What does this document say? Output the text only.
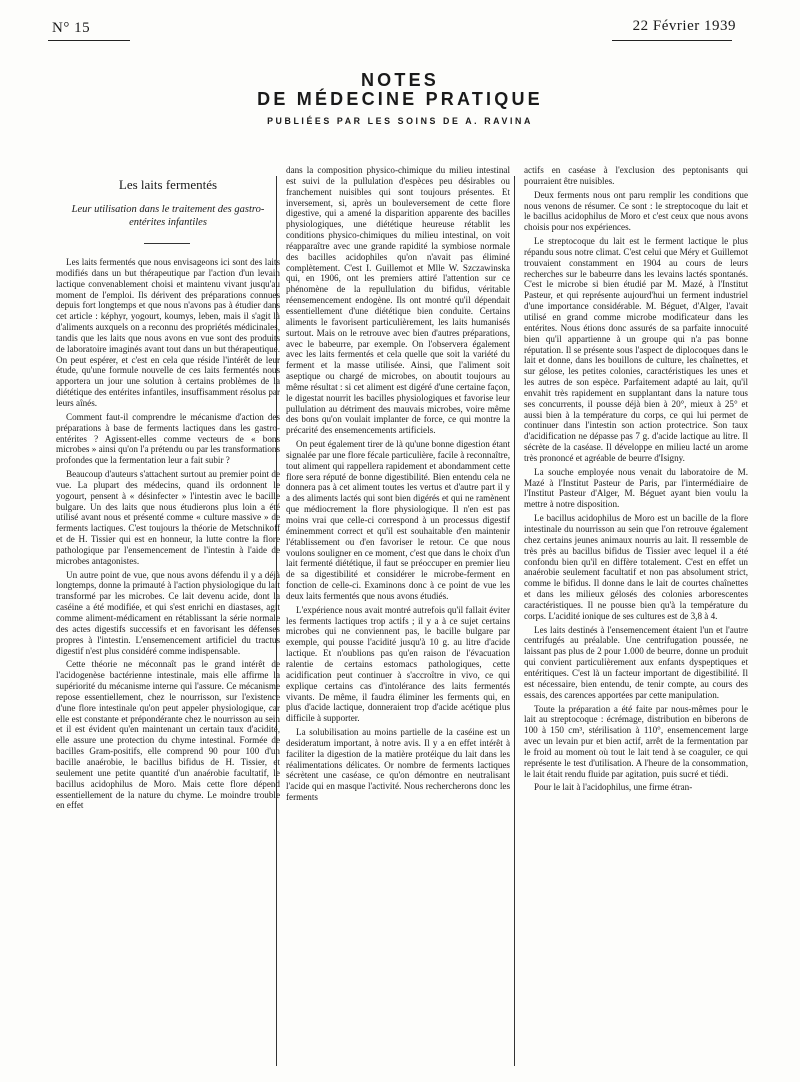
N° 15	22 Février 1939
NOTES
DE MÉDECINE PRATIQUE
PUBLIÉES PAR LES SOINS DE A. RAVINA
Les laits fermentés
Leur utilisation dans le traitement des gastro-entérites infantiles

Les laits fermentés que nous envisageons ici sont des laits modifiés dans un but thérapeutique par l'action d'un levain lactique convenablement choisi et maintenu vivant jusqu'au moment de l'emploi. Ils dérivent des préparations connues depuis fort longtemps et que nous n'avons pas à étudier dans cet article : képhyr, yogourt, koumys, leben, mais il s'agit là d'aliments auxquels on a reconnu des propriétés médicinales, tandis que les laits que nous avons en vue sont des produits de laboratoire imaginés avant tout dans un but thérapeutique. On peut espérer, et c'est en cela que réside l'intérêt de leur étude, qu'une formule nouvelle de ces laits fermentés nous apportera un jour une solution à certains problèmes de la diététique des entérites infantiles, insuffisamment résolus par leurs aînés.

Comment faut-il comprendre le mécanisme d'action des préparations à base de ferments lactiques dans les gastro-entérites ? Agissent-elles comme vecteurs de « bons microbes » ainsi qu'on l'a prétendu ou par les transformations profondes que la fermentation leur a fait subir ?

Beaucoup d'auteurs s'attachent surtout au premier point de vue. La plupart des médecins, quand ils ordonnent le yogourt, pensent à « désinfecter » l'intestin avec le bacille bulgare. Un des laits que nous étudierons plus loin a été utilisé avant nous et présenté comme « culture massive » de ferments lactiques. C'est toujours la théorie de Metschnikoff et de H. Tissier qui est en honneur, la lutte contre la flore pathologique par l'ensemencement de l'intestin à l'aide de microbes antagonistes.

Un autre point de vue, que nous avons défendu il y a déjà longtemps, donne la primauté à l'action physiologique du lait transformé par les microbes. Ce lait devenu acide, dont la caséine a été modifiée, et qui s'est enrichi en diastases, agit comme aliment-médicament en rétablissant la série normale des actes digestifs successifs et en favorisant les défenses propres à l'intestin. L'ensemencement artificiel du tractus digestif n'est plus considéré comme indispensable.

Cette théorie ne méconnaît pas le grand intérêt de l'acidogenèse bactérienne intestinale, mais elle affirme la supériorité du mécanisme interne qui l'assure. Ce mécanisme repose essentiellement, chez le nourrisson, sur l'existence d'une flore intestinale qu'on peut appeler physiologique, car elle est constante et prépondérante chez le nourrisson au sein et il est évident qu'en maintenant un certain taux d'acidité, elle assure une protection du chyme intestinal. Formée de bacilles Gram-positifs, elle comprend 90 pour 100 d'un bacille anaérobie, le bacillus bifidus de H. Tissier, et seulement une petite quantité d'un anaérobie facultatif, le bacillus acidophilus de Moro. Mais cette flore dépend essentiellement de la nature du chyme. Le moindre trouble en effet

dans la composition physico-chimique du milieu intestinal est suivi de la pullulation d'espèces peu désirables ou franchement nuisibles qui sont toujours présentes. Et inversement, si, après un bouleversement de cette flore digestive, qui a amené la disparition apparente des bacilles physiologiques, une diététique heureuse rétablit les conditions physico-chimiques du milieu intestinal, on voit réapparaître avec une grande rapidité la symbiose normale des bacilles acidophiles qu'on n'avait pas éliminé complètement. C'est I. Guillemot et Mlle W. Szczawinska qui, en 1906, ont les premiers attiré l'attention sur ce phénomène de la repullulation du bifidus, véritable réensemencement endogène. Ils ont montré qu'il dépendait essentiellement d'une diététique bien conduite. Certains aliments le favorisent particulièrement, les laits humanisés surtout. Mais on le retrouve avec bien d'autres préparations, avec le babeurre, par exemple. On l'observera également avec les laits fermentés et cela quelle que soit la variété du ferment et la masse utilisée. Ainsi, que l'aliment soit aseptique ou chargé de microbes, on aboutit toujours au même résultat : si cet aliment est digéré d'une certaine façon, le digestat nourrit les bacilles physiologiques et favorise leur pullulation au détriment des mauvais microbes, voire même des bons qu'on voulait implanter de force, ce qui montre la précarité des ensemencements artificiels.

On peut également tirer de là qu'une bonne digestion étant signalée par une flore fécale particulière, facile à reconnaître, tout aliment qui rappellera rapidement et abondamment cette flore sera réputé de bonne digestibilité. Bien entendu cela ne donnera pas à cet aliment toutes les vertus et d'autre part il y a des aliments lactés qui sont bien digérés et qui ne ramènent que médiocrement la flore physiologique. Il n'en est pas moins vrai que celle-ci correspond à un processus digestif éminemment correct et qu'il est souhaitable d'en maintenir l'établissement ou d'en favoriser le retour. Ce que nous voulons souligner en ce moment, c'est que dans le choix d'un lait fermenté diététique, il faut se préoccuper en premier lieu de sa digestibilité et considérer le microbe-ferment en fonction de celle-ci. Examinons donc à ce point de vue les deux laits fermentés que nous avons étudiés.

L'expérience nous avait montré autrefois qu'il fallait éviter les ferments lactiques trop actifs ; il y a à ce sujet certains microbes qui ne conviennent pas, le bacille bulgare par exemple, qui pousse l'acidité jusqu'à 10 g. au litre d'acide lactique. Et n'oublions pas qu'en raison de l'évacuation ralentie de certains estomacs pathologiques, cette acidification peut continuer à s'accroître in vivo, ce qui explique certains cas d'intolérance des laits fermentés vivants. De même, il faudra éliminer les ferments qui, en plus d'acide lactique, donneraient trop d'acide acétique plus difficile à supporter.

La solubilisation au moins partielle de la caséine est un desideratum important, à notre avis. Il y a en effet intérêt à faciliter la digestion de la matière protéique du lait dans les réalimentations délicates. Or nombre de ferments lactiques sécrètent une caséase, ce qu'on démontre en neutralisant l'acide qui en masque l'activité. Nous rechercherons donc les ferments

actifs en caséase à l'exclusion des peptonisants qui pourraient être nuisibles.

Deux ferments nous ont paru remplir les conditions que nous venons de résumer. Ce sont : le streptocoque du lait et le bacillus acidophilus de Moro et c'est ceux que nous avons choisis pour nos expériences.

Le streptocoque du lait est le ferment lactique le plus répandu sous notre climat. C'est celui que Méry et Guillemot trouvaient constamment en 1904 au cours de leurs recherches sur le babeurre dans les levains lactés spontanés. C'est le microbe si bien étudié par M. Mazé, à l'Institut Pasteur, et qui représente aujourd'hui un ferment industriel d'une importance considérable. M. Béguet, d'Alger, l'avait utilisé en grand comme microbe modificateur dans les entérites. Nous étions donc assurés de sa parfaite innocuité bien qu'il appartienne à un groupe qui n'a pas bonne réputation. Il se présente sous l'aspect de diplocoques dans le lait et donne, dans les bouillons de culture, les chaînettes, et sur gélose, les petites colonies, caractéristiques les unes et les autres de son espèce. Parfaitement adapté au lait, qu'il envahit très rapidement en supplantant dans la nature tous ses concurrents, il pousse déjà bien à 20°, mieux à 25° et aussi bien à la température du corps, ce qui lui permet de continuer dans l'intestin son action protectrice. Son taux d'acidification ne dépasse pas 7 g. d'acide lactique au litre. Il sécrète de la caséase. Il développe en milieu lacté un arome très prononcé et agréable de beurre d'Isigny.

La souche employée nous venait du laboratoire de M. Mazé à l'Institut Pasteur de Paris, par l'intermédiaire de l'Institut Pasteur d'Alger, M. Béguet ayant bien voulu la mettre à notre disposition.

Le bacillus acidophilus de Moro est un bacille de la flore intestinale du nourrisson au sein que l'on retrouve également chez certains jeunes animaux nourris au lait. Il ressemble de très près au bacillus bifidus de Tissier avec lequel il a été confondu bien qu'il en diffère totalement. C'est en effet un anaérobie seulement facultatif et non pas absolument strict, comme le bifidus. Il donne dans le lait de courtes chaînettes et dans les milieux gélosés des colonies arborescentes caractéristiques. Il ne pousse bien qu'à la température du corps. L'acidité ionique de ses cultures est de 3,8 à 4.

Les laits destinés à l'ensemencement étaient l'un et l'autre centrifugés au préalable. Une centrifugation poussée, ne laissant pas plus de 2 pour 1.000 de beurre, donne un produit qui convient particulièrement aux enfants dyspeptiques et entéritiques. C'est là un facteur important de digestibilité. Il est nécessaire, bien entendu, de tenir compte, au cours des essais, des carences apportées par cette manipulation.

Toute la préparation a été faite par nous-mêmes pour le lait au streptocoque : écrémage, distribution en biberons de 100 à 150 cm³, stérilisation à 110°, ensemencement large avec un levain pur et bien actif, arrêt de la fermentation par le froid au moment où tout le lait tend à se coaguler, ce qui représente le test d'utilisation. A l'heure de la consommation, le lait était rendu fluide par agitation, puis sucré et tiédi.

Pour le lait à l'acidophilus, une firme étran-
